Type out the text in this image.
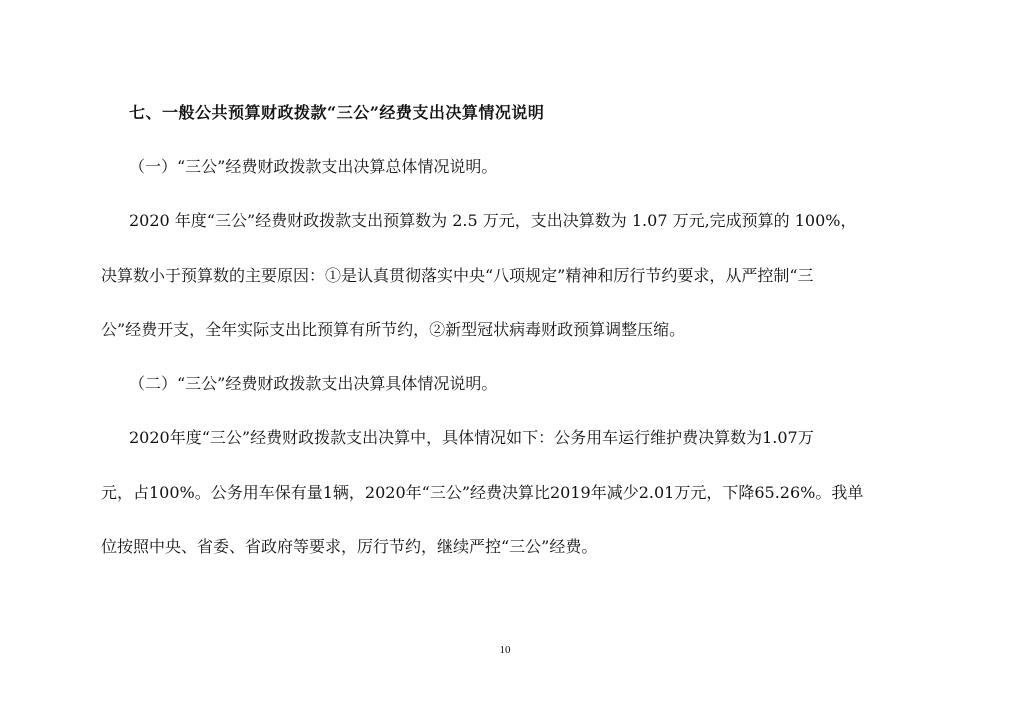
七、一般公共预算财政拨款“三公”经费支出决算情况说明
（一）“三公”经费财政拨款支出决算总体情况说明。
2020 年度“三公”经费财政拨款支出预算数为 2.5 万元，支出决算数为 1.07 万元,完成预算的 100%，
决算数小于预算数的主要原因：①是认真贯彻落实中央“八项规定”精神和厉行节约要求，从严控制“三
公”经费开支，全年实际支出比预算有所节约，②新型冠状病毒财政预算调整压缩。
（二）“三公”经费财政拨款支出决算具体情况说明。
2020年度“三公”经费财政拨款支出决算中，具体情况如下：公务用车运行维护费决算数为1.07万
元，占100%。公务用车保有量1辆，2020年“三公”经费决算比2019年减少2.01万元，下降65.26%。我单
位按照中央、省委、省政府等要求，厉行节约，继续严控“三公”经费。
10
